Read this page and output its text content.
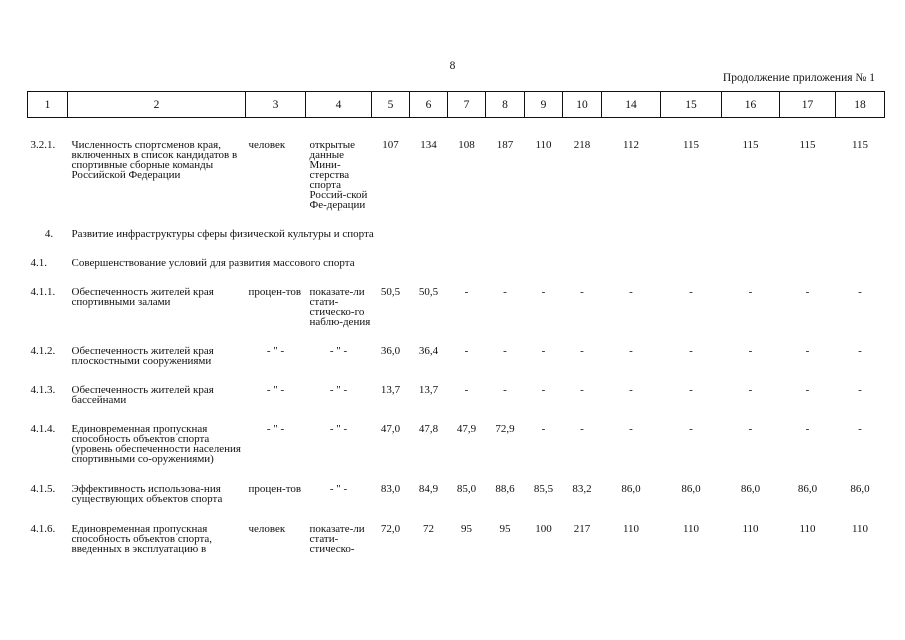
8
Продолжение приложения № 1
1	2	3	4	5	6	7	8	9	10	14	15	16	17	18

3.2.1.	Численность спортсменов края, включенных в список кандидатов в спортивные сборные команды Российской Федерации	человек	открытые данные Мини-стерства спорта Россий-ской Фе-дерации	107	134	108	187	110	218	112	115	115	115	115

4.	Развитие инфраструктуры сферы физической культуры и спорта													

4.1.	Совершенствование условий для развития массового спорта													

4.1.1.	Обеспеченность жителей края спортивными залами	процен-тов	показате-ли стати-стическо-го наблю-дения	50,5	50,5	-	-	-	-	-	-	-	-	-

4.1.2.	Обеспеченность жителей края плоскостными сооружениями	- " -	- " -	36,0	36,4	-	-	-	-	-	-	-	-	-

4.1.3.	Обеспеченность жителей края бассейнами	- " -	- " -	13,7	13,7	-	-	-	-	-	-	-	-	-

4.1.4.	Единовременная пропускная способность объектов спорта (уровень обеспеченности населения спортивными со-оружениями)	- " -	- " -	47,0	47,8	47,9	72,9	-	-	-	-	-	-	-

4.1.5.	Эффективность использова-ния существующих объектов спорта	процен-тов	- " -	83,0	84,9	85,0	88,6	85,5	83,2	86,0	86,0	86,0	86,0	86,0

4.1.6.	Единовременная пропускная способность объектов спорта, введенных в эксплуатацию в	человек	показате-ли стати-стическо-	72,0	72	95	95	100	217	110	110	110	110	110
